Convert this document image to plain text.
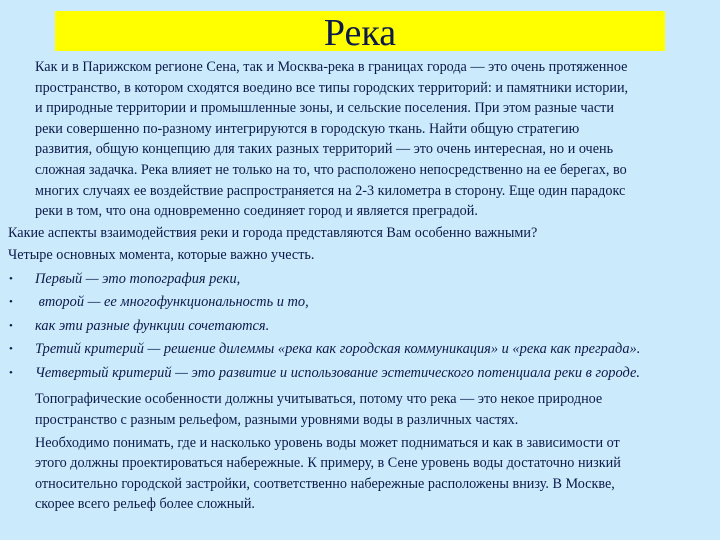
Река
Как и в Парижском регионе Сена, так и Москва-река в границах города — это очень протяженное
пространство, в котором сходятся воедино все типы городских территорий: и памятники истории,
и природные территории и промышленные зоны, и сельские поселения. При этом разные части
реки совершенно по-разному интегрируются в городскую ткань. Найти общую стратегию
развития, общую концепцию для таких разных территорий — это очень интересная, но и очень
сложная задачка. Река влияет не только на то, что расположено непосредственно на ее берегах, во
многих случаях ее воздействие распространяется на 2-3 километра в сторону. Еще один парадокс
реки в том, что она одновременно соединяет город и является преградой.
Какие аспекты взаимодействия реки и города представляются Вам особенно важными?
Четыре основных момента, которые важно учесть.
• Первый — это топография реки,
• второй — ее многофункциональность и то,
• как эти разные функции сочетаются.
• Третий критерий — решение дилеммы «река как городская коммуникация» и «река как преграда».
• Четвертый критерий — это развитие и использование эстетического потенциала реки в городе.
Топографические особенности должны учитываться, потому что река — это некое природное
пространство с разным рельефом, разными уровнями воды в различных частях.
Необходимо понимать, где и насколько уровень воды может подниматься и как в зависимости от
этого должны проектироваться набережные. К примеру, в Сене уровень воды достаточно низкий
относительно городской застройки, соответственно набережные расположены внизу. В Москве,
скорее всего рельеф более сложный.
